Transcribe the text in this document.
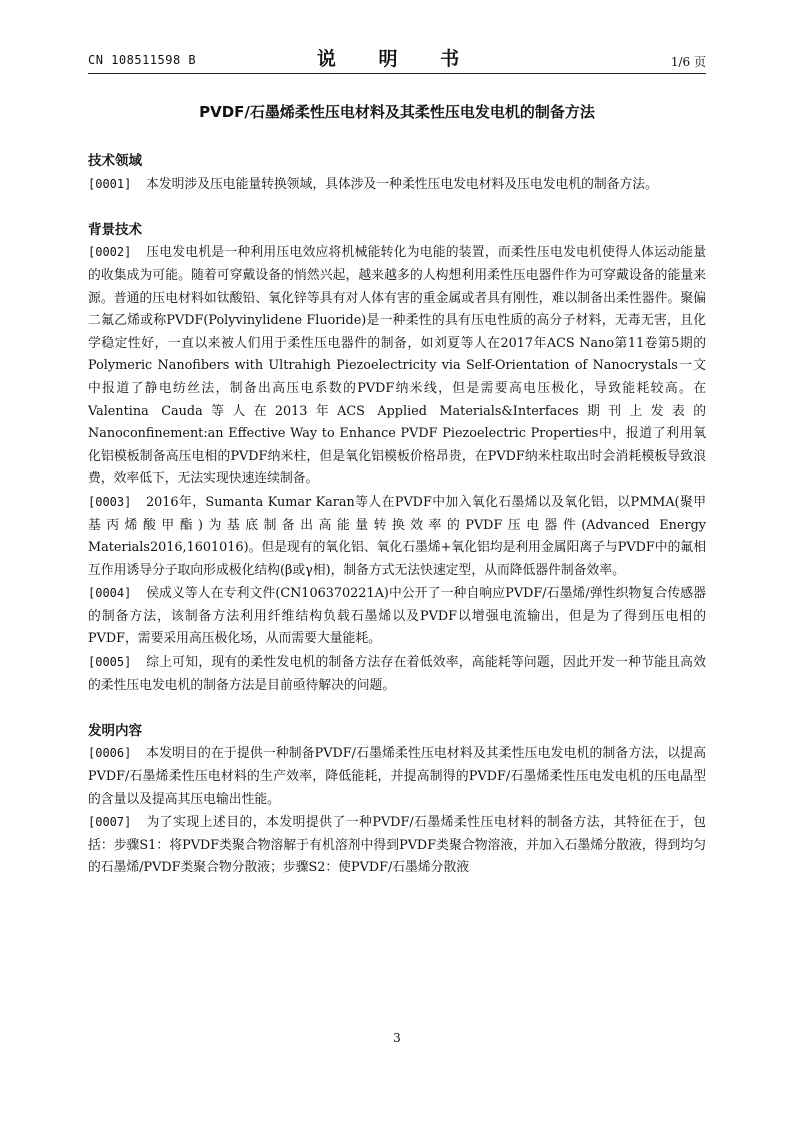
CN 108511598 B	说 明 书	1/6 页
PVDF/石墨烯柔性压电材料及其柔性压电发电机的制备方法
技术领域

[0001] 本发明涉及压电能量转换领域，具体涉及一种柔性压电发电材料及压电发电机的制备方法。

背景技术

[0002] 压电发电机是一种利用压电效应将机械能转化为电能的装置，而柔性压电发电机使得人体运动能量的收集成为可能。随着可穿戴设备的悄然兴起，越来越多的人构想利用柔性压电器件作为可穿戴设备的能量来源。普通的压电材料如钛酸铅、氧化锌等具有对人体有害的重金属或者具有刚性，难以制备出柔性器件。聚偏二氟乙烯或称PVDF(Polyvinylidene Fluoride)是一种柔性的具有压电性质的高分子材料，无毒无害，且化学稳定性好，一直以来被人们用于柔性压电器件的制备，如刘夏等人在2017年ACS Nano第11卷第5期的Polymeric Nanofibers with Ultrahigh Piezoelectricity via Self-Orientation of Nanocrystals一文中报道了静电纺丝法，制备出高压电系数的PVDF纳米线，但是需要高电压极化，导致能耗较高。在Valentina Cauda等人在2013年ACS Applied Materials&Interfaces期刊上发表的Nanoconfinement:an Effective Way to Enhance PVDF Piezoelectric Properties中，报道了利用氧化铝模板制备高压电相的PVDF纳米柱，但是氧化铝模板价格昂贵，在PVDF纳米柱取出时会消耗模板导致浪费，效率低下，无法实现快速连续制备。

[0003] 2016年，Sumanta Kumar Karan等人在PVDF中加入氧化石墨烯以及氧化铝，以PMMA(聚甲基丙烯酸甲酯)为基底制备出高能量转换效率的PVDF压电器件(Advanced Energy Materials2016,1601016)。但是现有的氧化铝、氧化石墨烯+氧化铝均是利用金属阳离子与PVDF中的氟相互作用诱导分子取向形成极化结构(β或γ相)，制备方式无法快速定型，从而降低器件制备效率。

[0004] 侯成义等人在专利文件(CN106370221A)中公开了一种自响应PVDF/石墨烯/弹性织物复合传感器的制备方法，该制备方法利用纤维结构负载石墨烯以及PVDF以增强电流输出，但是为了得到压电相的PVDF，需要采用高压极化场，从而需要大量能耗。

[0005] 综上可知，现有的柔性发电机的制备方法存在着低效率，高能耗等问题，因此开发一种节能且高效的柔性压电发电机的制备方法是目前亟待解决的问题。

发明内容

[0006] 本发明目的在于提供一种制备PVDF/石墨烯柔性压电材料及其柔性压电发电机的制备方法，以提高PVDF/石墨烯柔性压电材料的生产效率，降低能耗，并提高制得的PVDF/石墨烯柔性压电发电机的压电晶型的含量以及提高其压电输出性能。

[0007] 为了实现上述目的，本发明提供了一种PVDF/石墨烯柔性压电材料的制备方法，其特征在于，包括：步骤S1：将PVDF类聚合物溶解于有机溶剂中得到PVDF类聚合物溶液，并加入石墨烯分散液，得到均匀的石墨烯/PVDF类聚合物分散液；步骤S2：使PVDF/石墨烯分散液

3
